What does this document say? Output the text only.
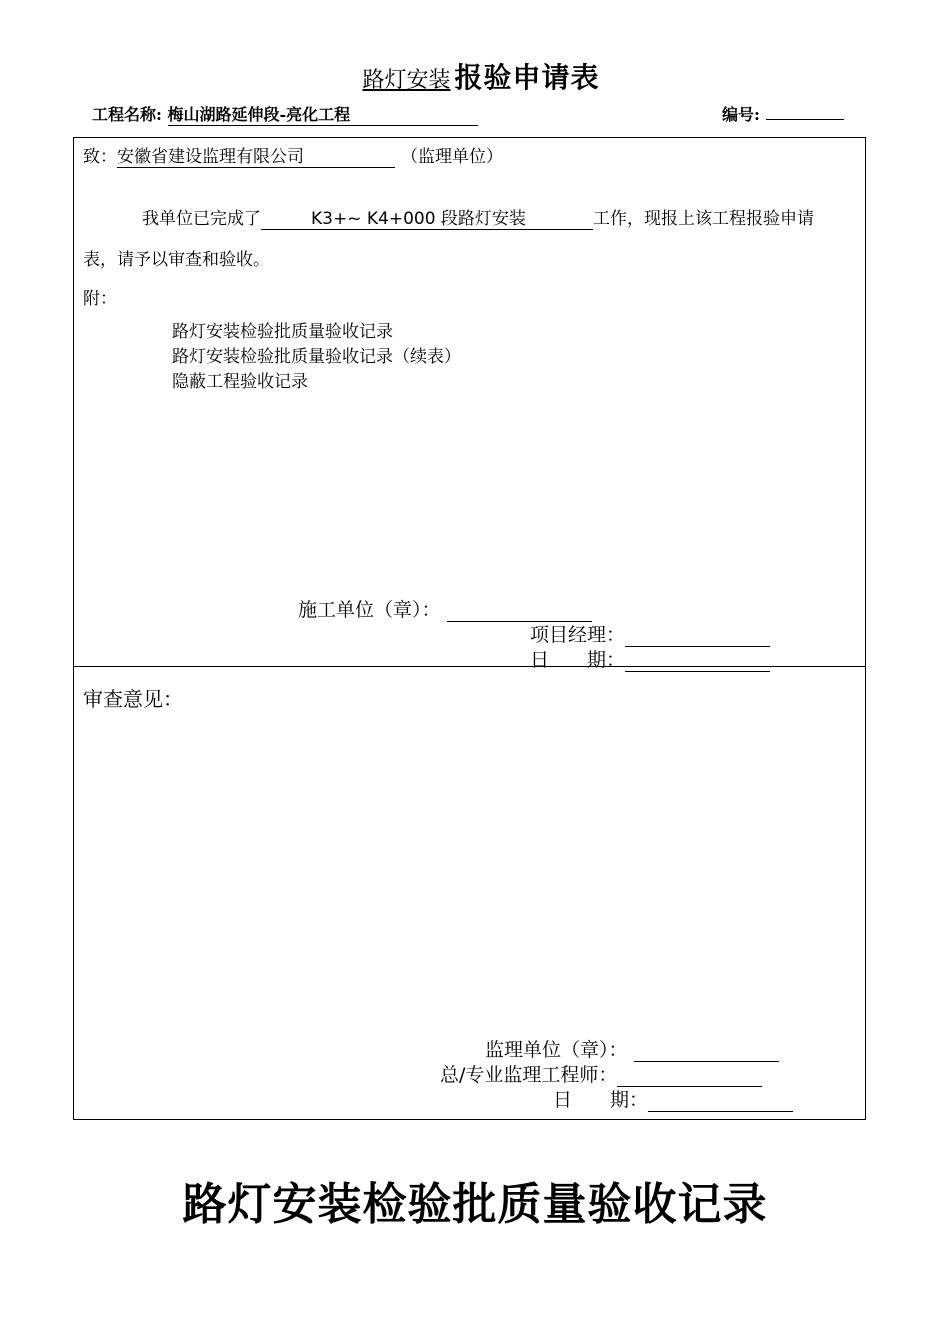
路灯安装 报验申请表
工程名称: 梅山湖路延伸段-亮化工程	编号:
致：安徽省建设监理有限公司	（监理单位）
我单位已完成了	K3+~ K4+000 段路灯安装	工作，现报上该工程报验申请
表，请予以审查和验收。
附：
路灯安装检验批质量验收记录
路灯安装检验批质量验收记录（续表）
隐蔽工程验收记录
施工单位（章）：
项目经理：
日　　期：
审查意见：
监理单位（章）：
总/专业监理工程师：
日　　期：
路灯安装检验批质量验收记录
